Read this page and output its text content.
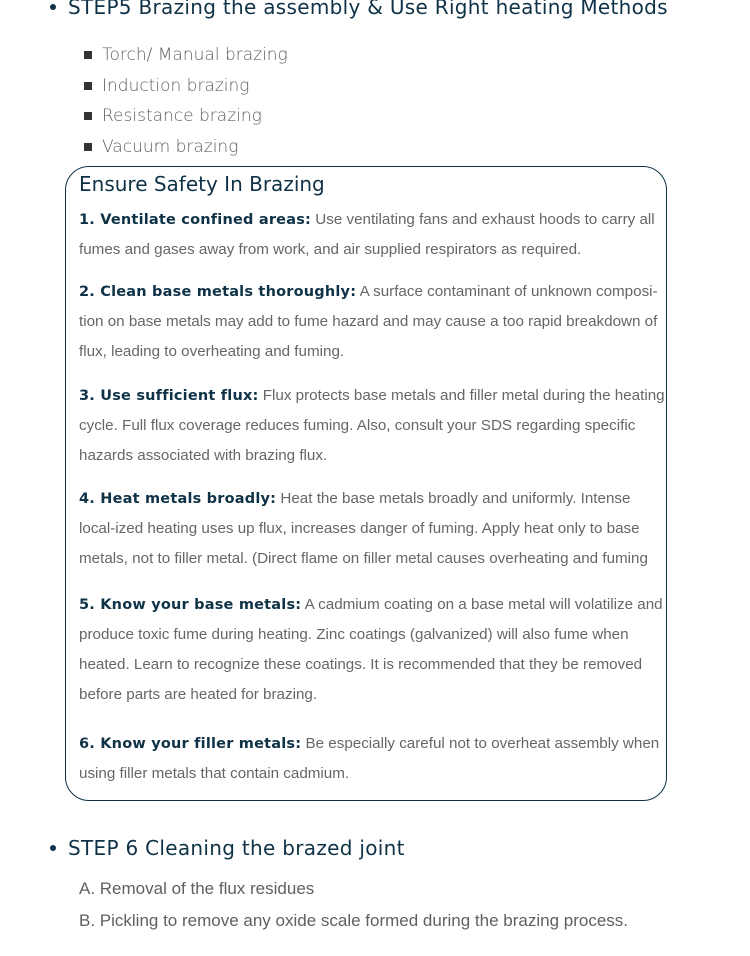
STEP5 Brazing the assembly & Use Right heating Methods
Torch/ Manual brazing
Induction brazing
Resistance brazing
Vacuum brazing
Ensure Safety In Brazing
1. Ventilate confined areas: Use ventilating fans and exhaust hoods to carry all fumes and gases away from work, and air supplied respirators as required.
2. Clean base metals thoroughly: A surface contaminant of unknown composi-tion on base metals may add to fume hazard and may cause a too rapid breakdown of flux, leading to overheating and fuming.
3. Use sufficient flux: Flux protects base metals and filler metal during the heating cycle. Full flux coverage reduces fuming. Also, consult your SDS regarding specific hazards associated with brazing flux.
4. Heat metals broadly: Heat the base metals broadly and uniformly. Intense local-ized heating uses up flux, increases danger of fuming. Apply heat only to base metals, not to filler metal. (Direct flame on filler metal causes overheating and fuming
5. Know your base metals: A cadmium coating on a base metal will volatilize and produce toxic fume during heating. Zinc coatings (galvanized) will also fume when heated. Learn to recognize these coatings. It is recommended that they be removed before parts are heated for brazing.
6. Know your filler metals: Be especially careful not to overheat assembly when using filler metals that contain cadmium.
STEP 6 Cleaning the brazed joint
A. Removal of the flux residues
B. Pickling to remove any oxide scale formed during the brazing process.
